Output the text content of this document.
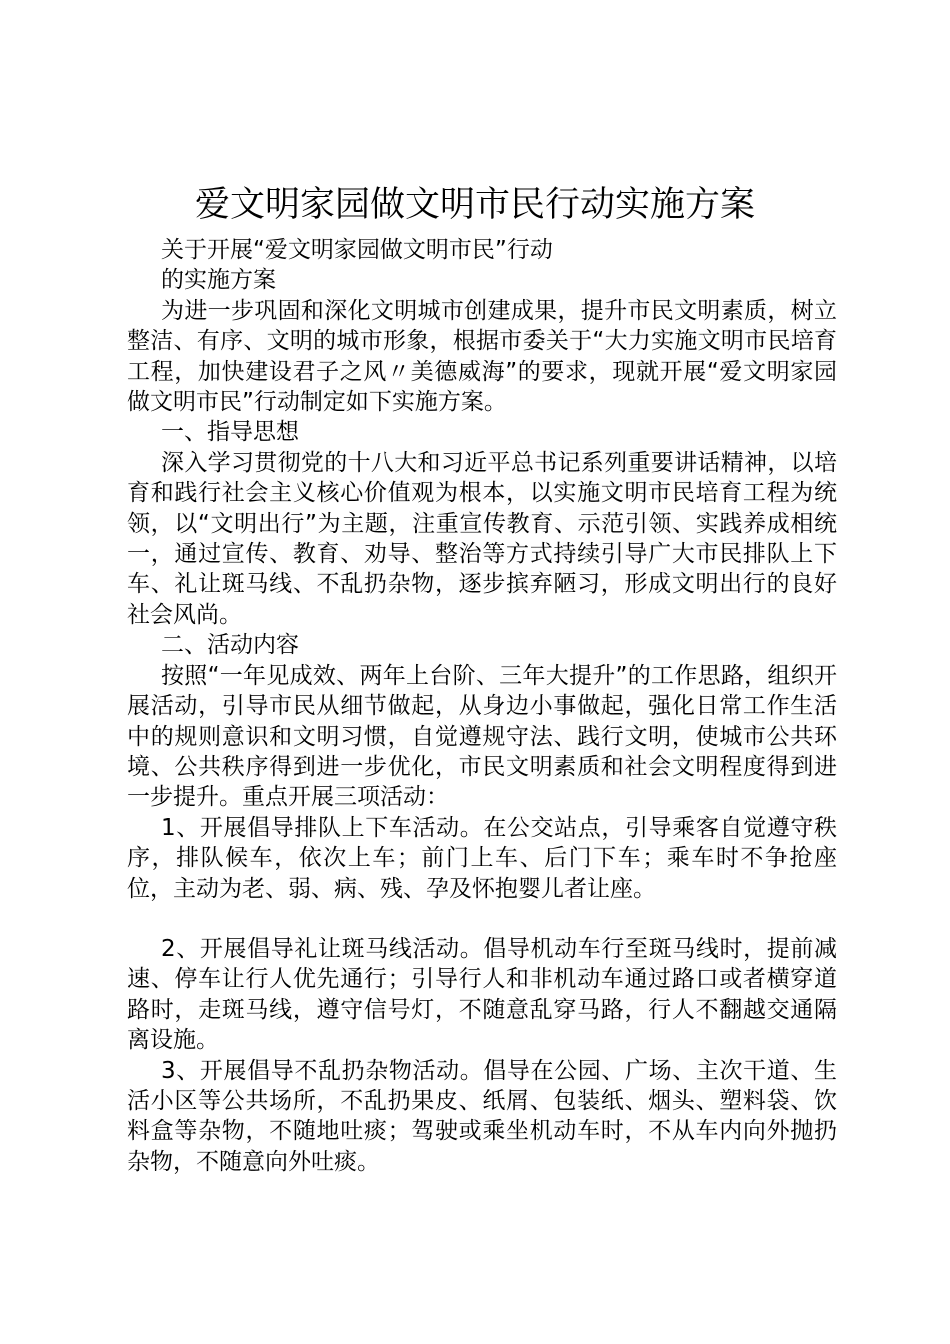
爱文明家园做文明市民行动实施方案

关于开展“爱文明家园做文明市民”行动

的实施方案

为进一步巩固和深化文明城市创建成果，提升市民文明素质，树立整洁、有序、文明的城市形象，根据市委关于“大力实施文明市民培育工程，加快建设君子之风〃美德威海”的要求，现就开展“爱文明家园做文明市民”行动制定如下实施方案。

一、指导思想

深入学习贯彻党的十八大和习近平总书记系列重要讲话精神，以培育和践行社会主义核心价值观为根本，以实施文明市民培育工程为统领，以“文明出行”为主题，注重宣传教育、示范引领、实践养成相统一，通过宣传、教育、劝导、整治等方式持续引导广大市民排队上下车、礼让斑马线、不乱扔杂物，逐步摈弃陋习，形成文明出行的良好社会风尚。

二、活动内容

按照“一年见成效、两年上台阶、三年大提升”的工作思路，组织开展活动，引导市民从细节做起，从身边小事做起，强化日常工作生活中的规则意识和文明习惯，自觉遵规守法、践行文明，使城市公共环境、公共秩序得到进一步优化，市民文明素质和社会文明程度得到进一步提升。重点开展三项活动：

1、开展倡导排队上下车活动。在公交站点，引导乘客自觉遵守秩序，排队候车，依次上车；前门上车、后门下车；乘车时不争抢座位，主动为老、弱、病、残、孕及怀抱婴儿者让座。

2、开展倡导礼让斑马线活动。倡导机动车行至斑马线时，提前减速、停车让行人优先通行；引导行人和非机动车通过路口或者横穿道路时，走斑马线，遵守信号灯，不随意乱穿马路，行人不翻越交通隔离设施。

3、开展倡导不乱扔杂物活动。倡导在公园、广场、主次干道、生活小区等公共场所，不乱扔果皮、纸屑、包装纸、烟头、塑料袋、饮料盒等杂物，不随地吐痰；驾驶或乘坐机动车时，不从车内向外抛扔杂物，不随意向外吐痰。
